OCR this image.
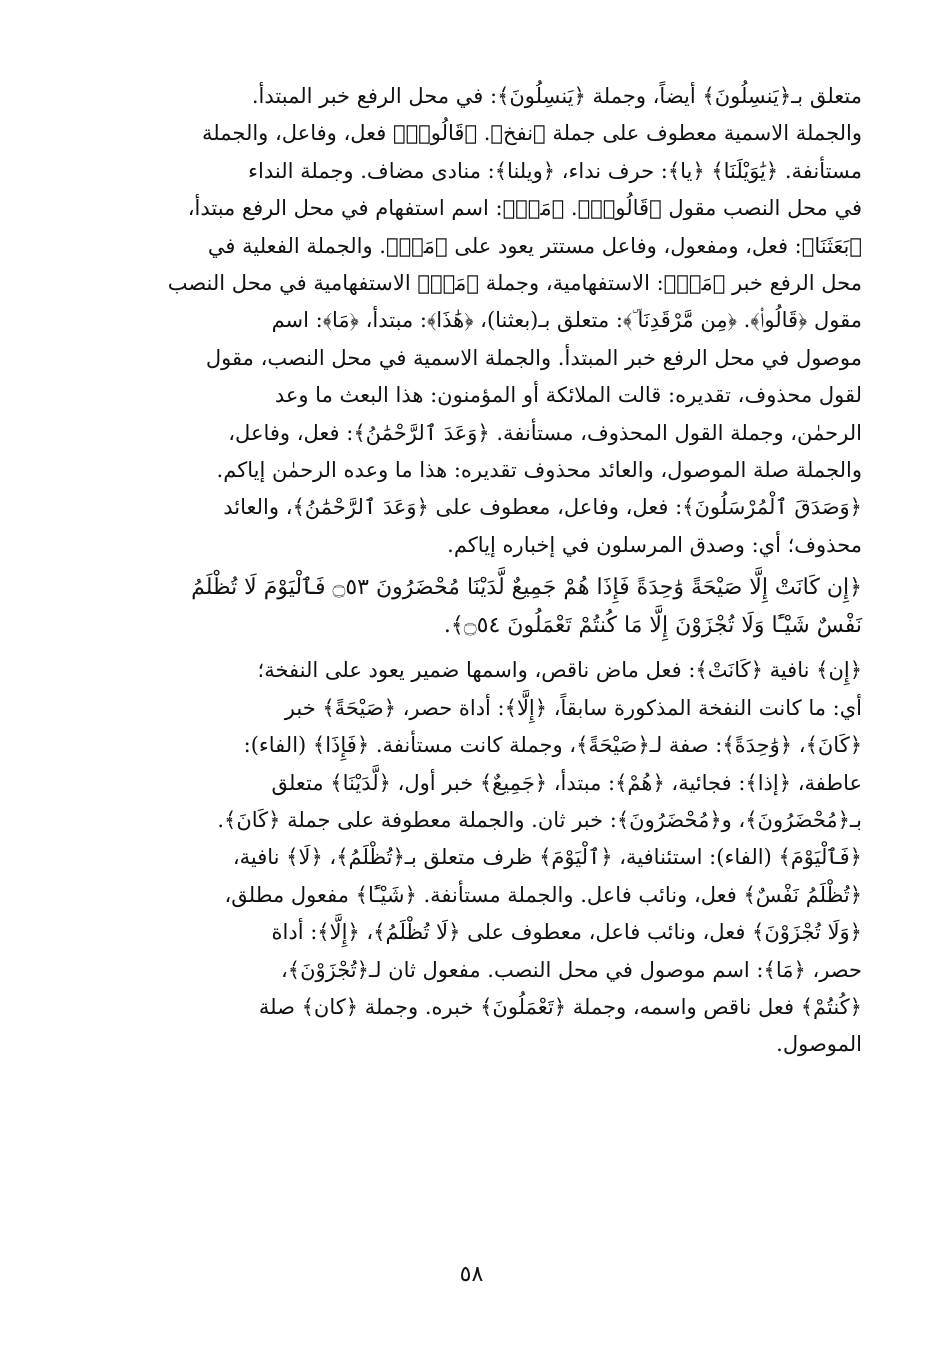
متعلق بـ﴿يَنسِلُونَ﴾ أيضاً، وجملة ﴿يَنسِلُونَ﴾: في محل الرفع خبر المبتدأ.

والجملة الاسمية معطوف على جملة ﴿نفخ﴾. ﴿قَالُوا۟﴾ فعل، وفاعل، والجملة

مستأنفة. ﴿يَٰوَيْلَنَا﴾ ﴿يا﴾: حرف نداء، ﴿ويلنا﴾: منادى مضاف. وجملة النداء

في محل النصب مقول ﴿قَالُوا۟﴾. ﴿مَنۢ﴾: اسم استفهام في محل الرفع مبتدأ،

﴿بَعَثَنَا﴾: فعل، ومفعول، وفاعل مستتر يعود على ﴿مَنۢ﴾. والجملة الفعلية في

محل الرفع خبر ﴿مَنۢ﴾: الاستفهامية، وجملة ﴿مَنۢ﴾ الاستفهامية في محل النصب

مقول ﴿قَالُوا۟﴾. ﴿مِن مَّرْقَدِنَا ۜ﴾: متعلق بـ(بعثنا)، ﴿هَٰذَا﴾: مبتدأ، ﴿مَا﴾: اسم

موصول في محل الرفع خبر المبتدأ. والجملة الاسمية في محل النصب، مقول

لقول محذوف، تقديره: قالت الملائكة أو المؤمنون: هذا البعث ما وعد

الرحمٰن، وجملة القول المحذوف، مستأنفة. ﴿وَعَدَ ٱلرَّحْمَٰنُ﴾: فعل، وفاعل،

والجملة صلة الموصول، والعائد محذوف تقديره: هذا ما وعده الرحمٰن إياكم.

﴿وَصَدَقَ ٱلْمُرْسَلُونَ﴾: فعل، وفاعل، معطوف على ﴿وَعَدَ ٱلرَّحْمَٰنُ﴾، والعائد

محذوف؛ أي: وصدق المرسلون في إخباره إياكم.

﴿إِن كَانَتْ إِلَّا صَيْحَةً وَٰحِدَةً فَإِذَا هُمْ جَمِيعٌ لَّدَيْنَا مُحْضَرُونَ ۝٥٣ فَٱلْيَوْمَ لَا تُظْلَمُ

نَفْسٌ شَيْـًٔا وَلَا تُجْزَوْنَ إِلَّا مَا كُنتُمْ تَعْمَلُونَ ۝٥٤﴾.

﴿إِن﴾ نافية ﴿كَانَتْ﴾: فعل ماض ناقص، واسمها ضمير يعود على النفخة؛

أي: ما كانت النفخة المذكورة سابقاً، ﴿إِلَّا﴾: أداة حصر، ﴿صَيْحَةً﴾ خبر

﴿كَانَ﴾، ﴿وَٰحِدَةً﴾: صفة لـ﴿صَيْحَةً﴾، وجملة كانت مستأنفة. ﴿فَإِذَا﴾ (الفاء):

عاطفة، ﴿إذا﴾: فجائية، ﴿هُمْ﴾: مبتدأ، ﴿جَمِيعٌ﴾ خبر أول، ﴿لَّدَيْنَا﴾ متعلق

بـ﴿مُحْضَرُونَ﴾، و﴿مُحْضَرُونَ﴾: خبر ثان. والجملة معطوفة على جملة ﴿كَانَ﴾.

﴿فَٱلْيَوْمَ﴾ (الفاء): استئنافية، ﴿ٱلْيَوْمَ﴾ ظرف متعلق بـ﴿تُظْلَمُ﴾، ﴿لَا﴾ نافية،

﴿تُظْلَمُ نَفْسٌ﴾ فعل، ونائب فاعل. والجملة مستأنفة. ﴿شَيْـًٔا﴾ مفعول مطلق،

﴿وَلَا تُجْزَوْنَ﴾ فعل، ونائب فاعل، معطوف على ﴿لَا تُظْلَمُ﴾، ﴿إِلَّا﴾: أداة

حصر، ﴿مَا﴾: اسم موصول في محل النصب. مفعول ثان لـ﴿تُجْزَوْنَ﴾،

﴿كُنتُمْ﴾ فعل ناقص واسمه، وجملة ﴿تَعْمَلُونَ﴾ خبره. وجملة ﴿كان﴾ صلة

الموصول.

٥٨
